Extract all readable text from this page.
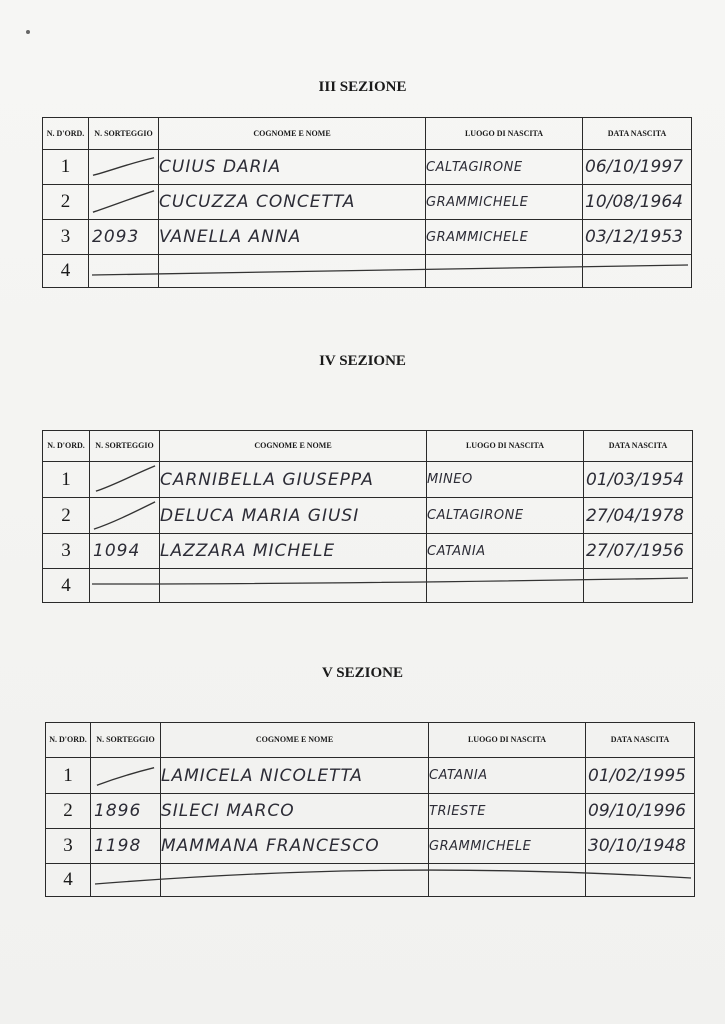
III SEZIONE
N. D'ORD.	N. SORTEGGIO	COGNOME E NOME	LUOGO DI NASCITA	DATA NASCITA
1		CUIUS DARIA	CALTAGIRONE	06/10/1997
2		CUCUZZA CONCETTA	GRAMMICHELE	10/08/1964
3	2093	VANELLA ANNA	GRAMMICHELE	03/12/1953
4				
IV SEZIONE
N. D'ORD.	N. SORTEGGIO	COGNOME E NOME	LUOGO DI NASCITA	DATA NASCITA
1		CARNIBELLA GIUSEPPA	MINEO	01/03/1954
2		DELUCA MARIA GIUSI	CALTAGIRONE	27/04/1978
3	1094	LAZZARA MICHELE	CATANIA	27/07/1956
4				
V SEZIONE
N. D'ORD.	N. SORTEGGIO	COGNOME E NOME	LUOGO DI NASCITA	DATA NASCITA
1		LAMICELA NICOLETTA	CATANIA	01/02/1995
2	1896	SILECI MARCO	TRIESTE	09/10/1996
3	1198	MAMMANA FRANCESCO	GRAMMICHELE	30/10/1948
4				
